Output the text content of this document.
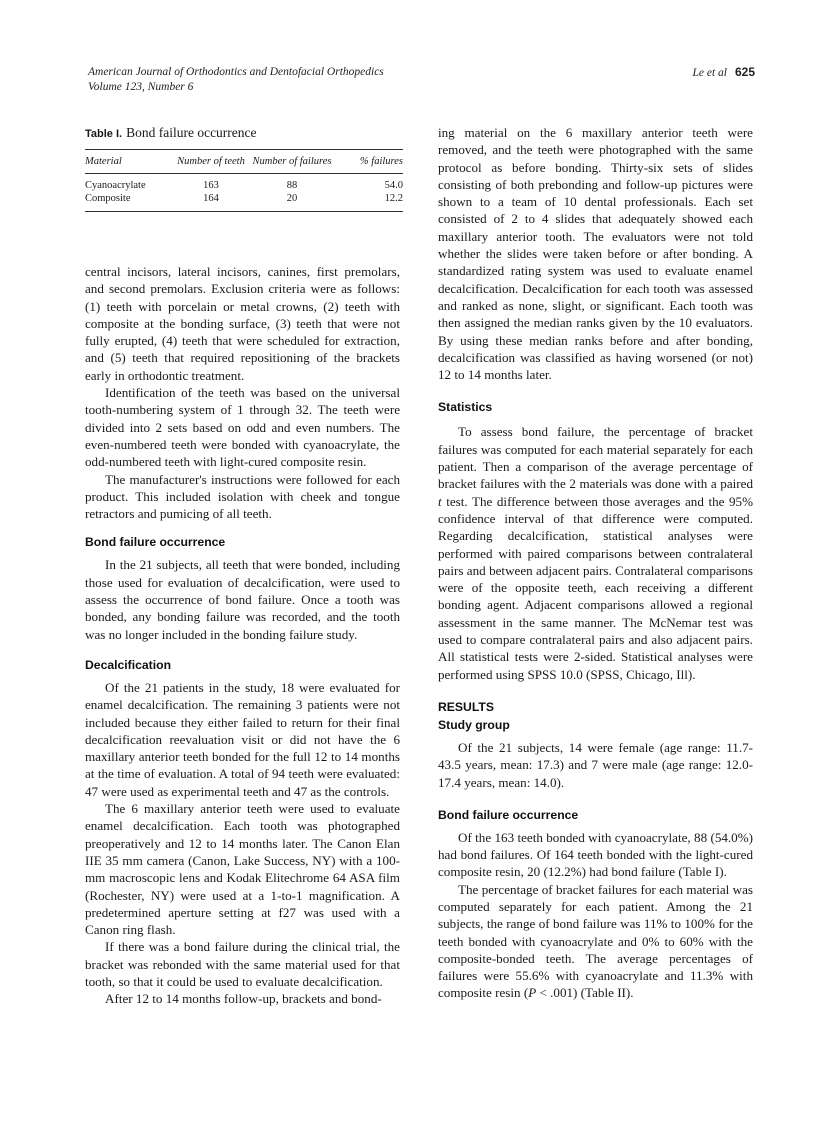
American Journal of Orthodontics and Dentofacial Orthopedics
Volume 123, Number 6
Le et al 625
Table I. Bond failure occurrence
Material	Number of teeth	Number of failures	% failures
Cyanoacrylate	163	88	54.0
Composite	164	20	12.2

central incisors, lateral incisors, canines, first premolars, and second premolars. Exclusion criteria were as follows: (1) teeth with porcelain or metal crowns, (2) teeth with composite at the bonding surface, (3) teeth that were not fully erupted, (4) teeth that were scheduled for extraction, and (5) teeth that required repositioning of the brackets early in orthodontic treatment.

Identification of the teeth was based on the universal tooth-numbering system of 1 through 32. The teeth were divided into 2 sets based on odd and even numbers. The even-numbered teeth were bonded with cyanoacrylate, the odd-numbered teeth with light-cured composite resin.

The manufacturer's instructions were followed for each product. This included isolation with cheek and tongue retractors and pumicing of all teeth.

Bond failure occurrence

In the 21 subjects, all teeth that were bonded, including those used for evaluation of decalcification, were used to assess the occurrence of bond failure. Once a tooth was bonded, any bonding failure was recorded, and the tooth was no longer included in the bonding failure study.

Decalcification

Of the 21 patients in the study, 18 were evaluated for enamel decalcification. The remaining 3 patients were not included because they either failed to return for their final decalcification reevaluation visit or did not have the 6 maxillary anterior teeth bonded for the full 12 to 14 months at the time of evaluation. A total of 94 teeth were evaluated: 47 were used as experimental teeth and 47 as the controls.

The 6 maxillary anterior teeth were used to evaluate enamel decalcification. Each tooth was photographed preoperatively and 12 to 14 months later. The Canon Elan IIE 35 mm camera (Canon, Lake Success, NY) with a 100-mm macroscopic lens and Kodak Elitechrome 64 ASA film (Rochester, NY) were used at a 1-to-1 magnification. A predetermined aperture setting at f27 was used with a Canon ring flash.

If there was a bond failure during the clinical trial, the bracket was rebonded with the same material used for that tooth, so that it could be used to evaluate decalcification.

After 12 to 14 months follow-up, brackets and bond-

ing material on the 6 maxillary anterior teeth were removed, and the teeth were photographed with the same protocol as before bonding. Thirty-six sets of slides consisting of both prebonding and follow-up pictures were shown to a team of 10 dental professionals. Each set consisted of 2 to 4 slides that adequately showed each maxillary anterior tooth. The evaluators were not told whether the slides were taken before or after bonding. A standardized rating system was used to evaluate enamel decalcification. Decalcification for each tooth was assessed and ranked as none, slight, or significant. Each tooth was then assigned the median ranks given by the 10 evaluators. By using these median ranks before and after bonding, decalcification was classified as having worsened (or not) 12 to 14 months later.

Statistics

To assess bond failure, the percentage of bracket failures was computed for each material separately for each patient. Then a comparison of the average percentage of bracket failures with the 2 materials was done with a paired t test. The difference between those averages and the 95% confidence interval of that difference were computed. Regarding decalcification, statistical analyses were performed with paired comparisons between contralateral pairs and between adjacent pairs. Contralateral comparisons were of the opposite teeth, each receiving a different bonding agent. Adjacent comparisons allowed a regional assessment in the same manner. The McNemar test was used to compare contralateral pairs and also adjacent pairs. All statistical tests were 2-sided. Statistical analyses were performed using SPSS 10.0 (SPSS, Chicago, Ill).

RESULTS
Study group

Of the 21 subjects, 14 were female (age range: 11.7-43.5 years, mean: 17.3) and 7 were male (age range: 12.0-17.4 years, mean: 14.0).

Bond failure occurrence

Of the 163 teeth bonded with cyanoacrylate, 88 (54.0%) had bond failures. Of 164 teeth bonded with the light-cured composite resin, 20 (12.2%) had bond failure (Table I).

The percentage of bracket failures for each material was computed separately for each patient. Among the 21 subjects, the range of bond failure was 11% to 100% for the teeth bonded with cyanoacrylate and 0% to 60% with the composite-bonded teeth. The average percentages of failures were 55.6% with cyanoacrylate and 11.3% with composite resin (P < .001) (Table II).
